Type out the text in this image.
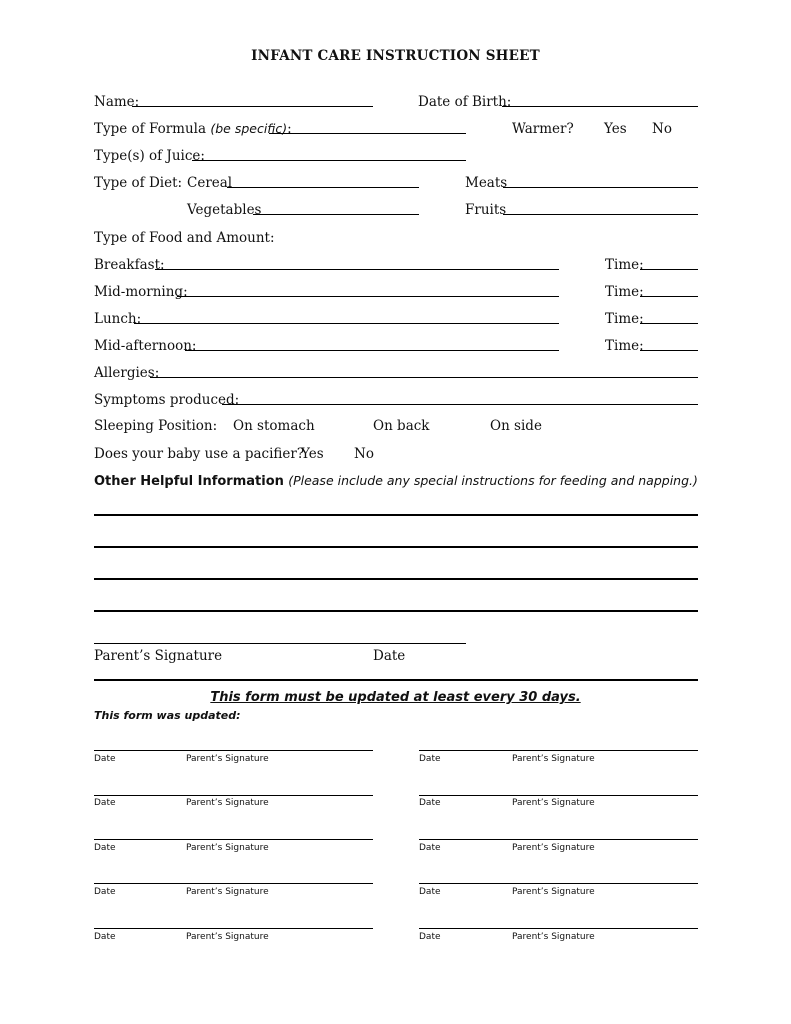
INFANT CARE INSTRUCTION SHEET
Name:	Date of Birth:
Type of Formula (be specific):	Warmer? Yes No
Type(s) of Juice:
Type of Diet: Cereal	Meats
Vegetables	Fruits
Type of Food and Amount:
Breakfast:	Time:
Mid-morning:	Time:
Lunch:	Time:
Mid-afternoon:	Time:
Allergies:
Symptoms produced:
Sleeping Position: On stomach	On back	On side
Does your baby use a pacifier?
Yes No
Other Helpful Information (Please include any special instructions for feeding and napping.)
Parent’s Signature	Date
This form must be updated at least every 30 days.
This form was updated:
Date	Parent’s Signature
Date	Parent’s Signature
Date	Parent’s Signature
Date	Parent’s Signature
Date	Parent’s Signature
Date	Parent’s Signature
Date	Parent’s Signature
Date	Parent’s Signature
Date	Parent’s Signature
Date	Parent’s Signature
